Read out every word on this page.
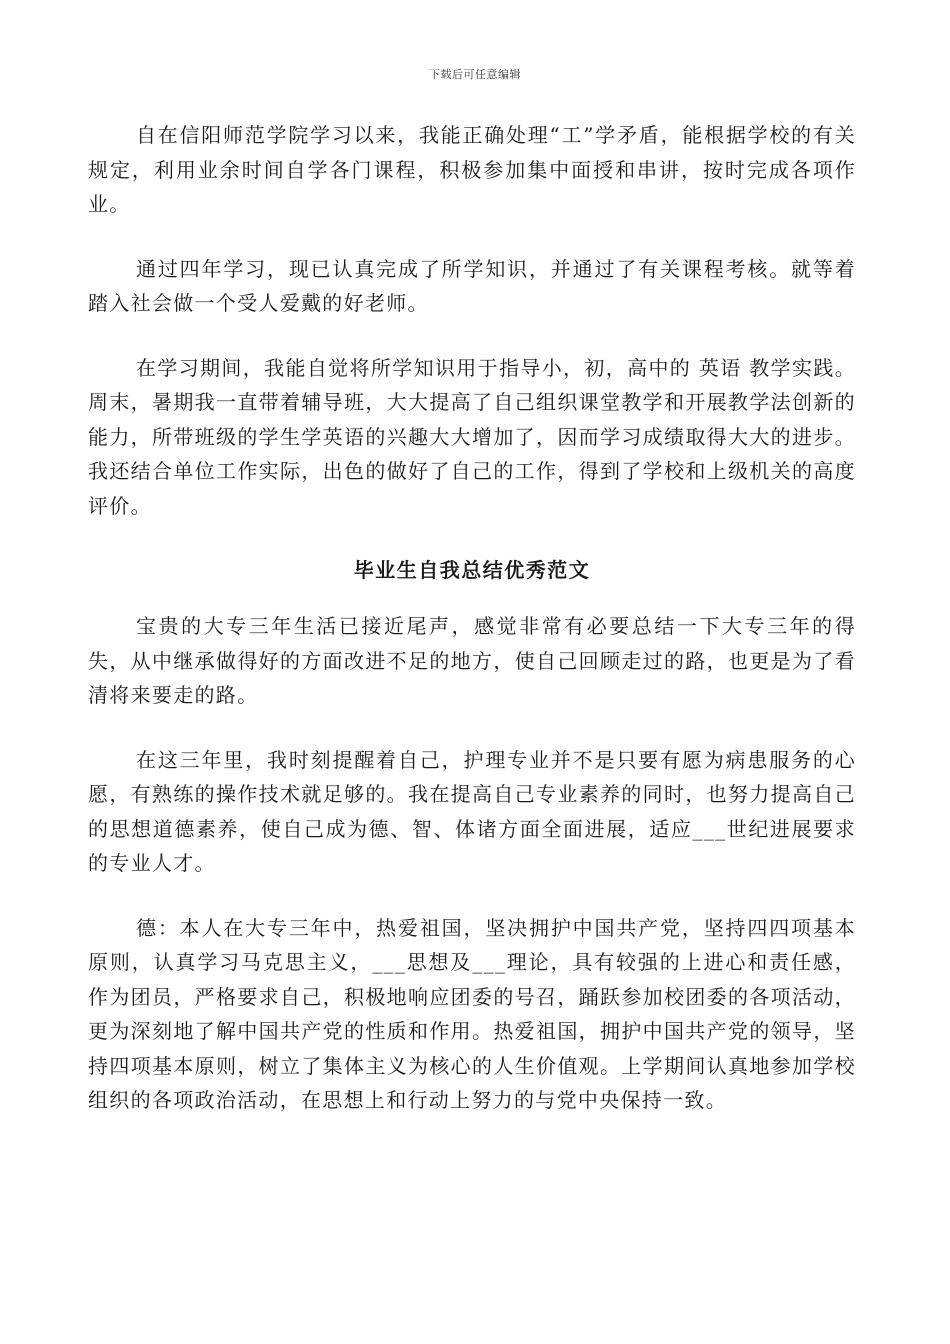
下载后可任意编辑

自在信阳师范学院学习以来，我能正确处理“工”学矛盾，能根据学校的有关规定，利用业余时间自学各门课程，积极参加集中面授和串讲，按时完成各项作业。

通过四年学习，现已认真完成了所学知识，并通过了有关课程考核。就等着踏入社会做一个受人爱戴的好老师。

在学习期间，我能自觉将所学知识用于指导小，初，高中的 英语 教学实践。周末，暑期我一直带着辅导班，大大提高了自己组织课堂教学和开展教学法创新的能力，所带班级的学生学英语的兴趣大大增加了，因而学习成绩取得大大的进步。我还结合单位工作实际，出色的做好了自己的工作，得到了学校和上级机关的高度评价。

毕业生自我总结优秀范文

宝贵的大专三年生活已接近尾声，感觉非常有必要总结一下大专三年的得失，从中继承做得好的方面改进不足的地方，使自己回顾走过的路，也更是为了看清将来要走的路。

在这三年里，我时刻提醒着自己，护理专业并不是只要有愿为病患服务的心愿，有熟练的操作技术就足够的。我在提高自己专业素养的同时，也努力提高自己的思想道德素养，使自己成为德、智、体诸方面全面进展，适应___世纪进展要求的专业人才。

德：本人在大专三年中，热爱祖国，坚决拥护中国共产党，坚持四四项基本原则，认真学习马克思主义，___思想及___理论，具有较强的上进心和责任感，作为团员，严格要求自己，积极地响应团委的号召，踊跃参加校团委的各项活动，更为深刻地了解中国共产党的性质和作用。热爱祖国，拥护中国共产党的领导，坚持四项基本原则，树立了集体主义为核心的人生价值观。上学期间认真地参加学校组织的各项政治活动，在思想上和行动上努力的与党中央保持一致。
